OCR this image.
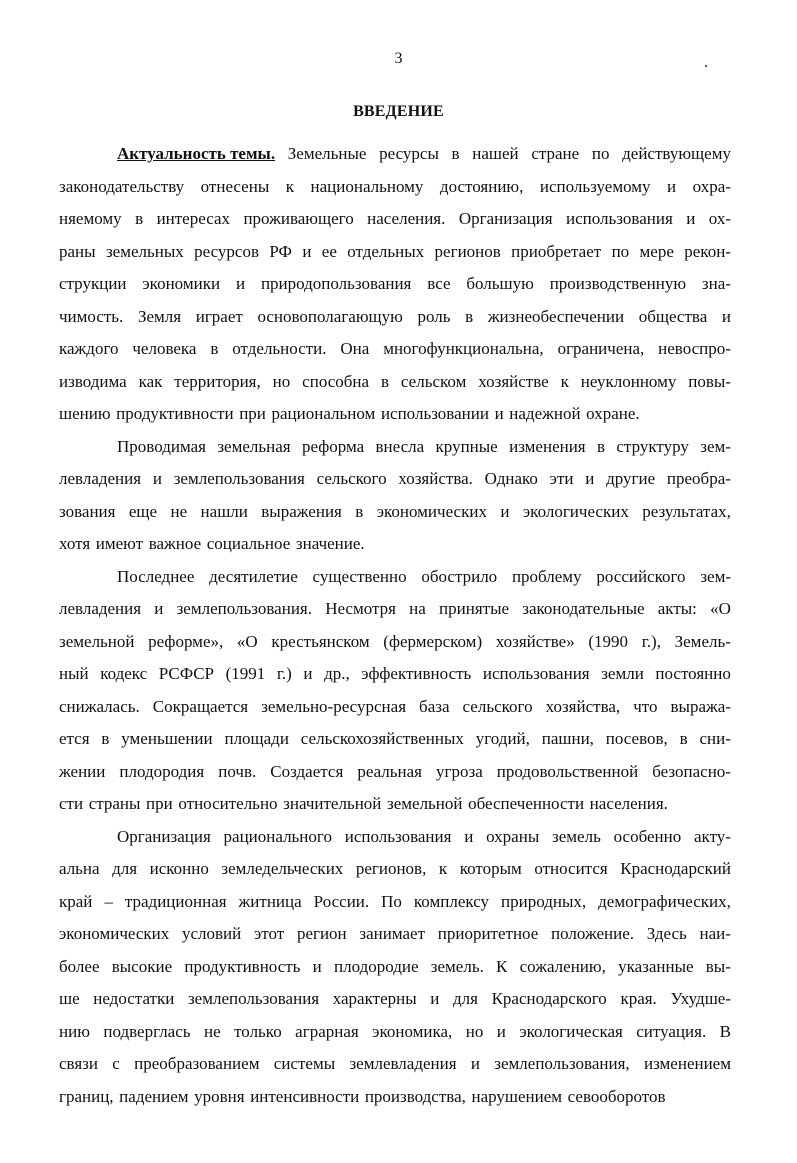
3	.
ВВЕДЕНИЕ
Актуальность темы. Земельные ресурсы в нашей стране по действующему
законодательству отнесены к национальному достоянию, используемому и охра-
няемому в интересах проживающего населения. Организация использования и ох-
раны земельных ресурсов РФ и ее отдельных регионов приобретает по мере рекон-
струкции экономики и природопользования все большую производственную зна-
чимость. Земля играет основополагающую роль в жизнеобеспечении общества и
каждого человека в отдельности. Она многофункциональна, ограничена, невоспро-
изводима как территория, но способна в сельском хозяйстве к неуклонному повы-
шению продуктивности при рациональном использовании и надежной охране.
Проводимая земельная реформа внесла крупные изменения в структуру зем-
левладения и землепользования сельского хозяйства. Однако эти и другие преобра-
зования еще не нашли выражения в экономических и экологических результатах,
хотя имеют важное социальное значение.
Последнее десятилетие существенно обострило проблему российского зем-
левладения и землепользования. Несмотря на принятые законодательные акты: «О
земельной реформе», «О крестьянском (фермерском) хозяйстве» (1990 г.), Земель-
ный кодекс РСФСР (1991 г.) и др., эффективность использования земли постоянно
снижалась. Сокращается земельно-ресурсная база сельского хозяйства, что выража-
ется в уменьшении площади сельскохозяйственных угодий, пашни, посевов, в сни-
жении плодородия почв. Создается реальная угроза продовольственной безопасно-
сти страны при относительно значительной земельной обеспеченности населения.
Организация рационального использования и охраны земель особенно акту-
альна для исконно земледельческих регионов, к которым относится Краснодарский
край – традиционная житница России. По комплексу природных, демографических,
экономических условий этот регион занимает приоритетное положение. Здесь наи-
более высокие продуктивность и плодородие земель. К сожалению, указанные вы-
ше недостатки землепользования характерны и для Краснодарского края. Ухудше-
нию подверглась не только аграрная экономика, но и экологическая ситуация. В
связи с преобразованием системы землевладения и землепользования, изменением
границ, падением уровня интенсивности производства, нарушением севооборотов
